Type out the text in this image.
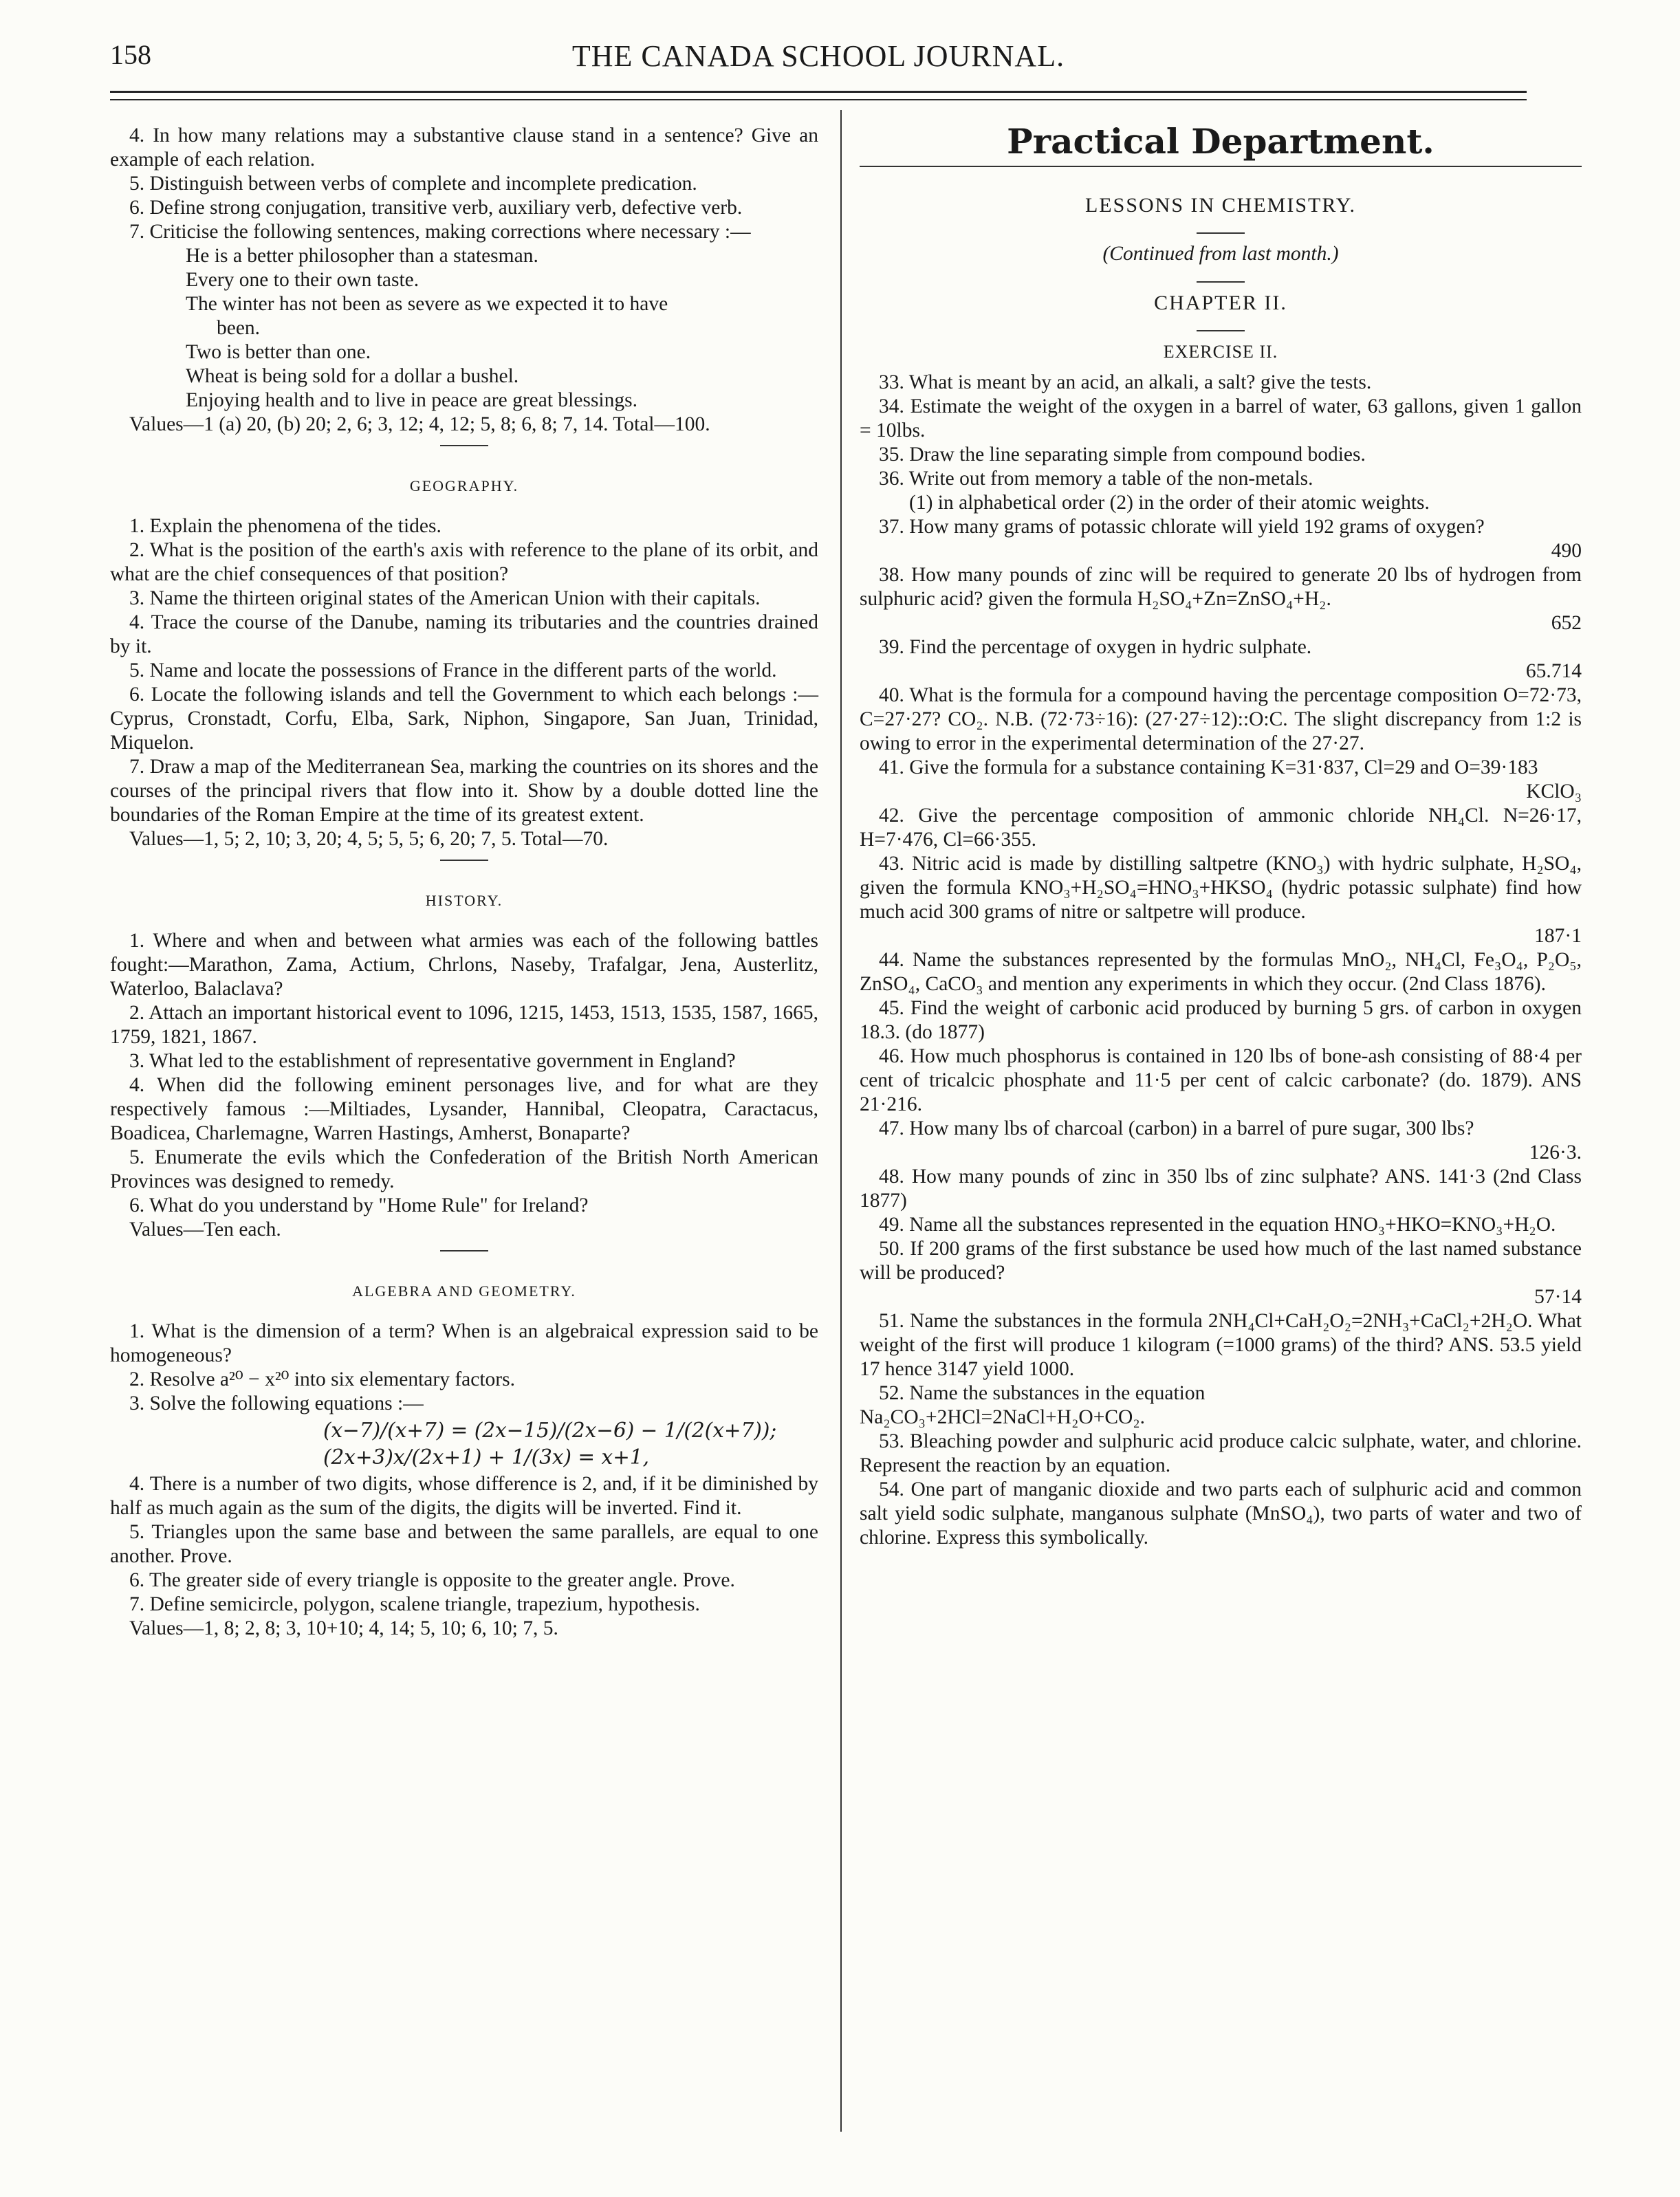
158	THE CANADA SCHOOL JOURNAL.

4. In how many relations may a substantive clause stand in a sentence? Give an example of each relation.

5. Distinguish between verbs of complete and incomplete predication.

6. Define strong conjugation, transitive verb, auxiliary verb, defective verb.

7. Criticise the following sentences, making corrections where necessary :—

He is a better philosopher than a statesman.

Every one to their own taste.

The winter has not been as severe as we expected it to have

been.

Two is better than one.

Wheat is being sold for a dollar a bushel.

Enjoying health and to live in peace are great blessings.

Values—1 (a) 20, (b) 20; 2, 6; 3, 12; 4, 12; 5, 8; 6, 8; 7, 14. Total—100.

GEOGRAPHY.

1. Explain the phenomena of the tides.

2. What is the position of the earth's axis with reference to the plane of its orbit, and what are the chief consequences of that position?

3. Name the thirteen original states of the American Union with their capitals.

4. Trace the course of the Danube, naming its tributaries and the countries drained by it.

5. Name and locate the possessions of France in the different parts of the world.

6. Locate the following islands and tell the Government to which each belongs :—Cyprus, Cronstadt, Corfu, Elba, Sark, Niphon, Singapore, San Juan, Trinidad, Miquelon.

7. Draw a map of the Mediterranean Sea, marking the countries on its shores and the courses of the principal rivers that flow into it. Show by a double dotted line the boundaries of the Roman Empire at the time of its greatest extent.

Values—1, 5; 2, 10; 3, 20; 4, 5; 5, 5; 6, 20; 7, 5. Total—70.

HISTORY.

1. Where and when and between what armies was each of the following battles fought:—Marathon, Zama, Actium, Chrlons, Naseby, Trafalgar, Jena, Austerlitz, Waterloo, Balaclava?

2. Attach an important historical event to 1096, 1215, 1453, 1513, 1535, 1587, 1665, 1759, 1821, 1867.

3. What led to the establishment of representative government in England?

4. When did the following eminent personages live, and for what are they respectively famous :—Miltiades, Lysander, Hannibal, Cleopatra, Caractacus, Boadicea, Charlemagne, Warren Hastings, Amherst, Bonaparte?

5. Enumerate the evils which the Confederation of the British North American Provinces was designed to remedy.

6. What do you understand by "Home Rule" for Ireland?

Values—Ten each.

ALGEBRA AND GEOMETRY.

1. What is the dimension of a term? When is an algebraical expression said to be homogeneous?

2. Resolve a²⁰ − x²⁰ into six elementary factors.

3. Solve the following equations :—

(x−7)/(x+7) = (2x−15)/(2x−6) − 1/(2(x+7));

(2x+3)x/(2x+1) + 1/(3x) = x+1,

4. There is a number of two digits, whose difference is 2, and, if it be diminished by half as much again as the sum of the digits, the digits will be inverted. Find it.

5. Triangles upon the same base and between the same parallels, are equal to one another. Prove.

6. The greater side of every triangle is opposite to the greater angle. Prove.

7. Define semicircle, polygon, scalene triangle, trapezium, hypothesis.

Values—1, 8; 2, 8; 3, 10+10; 4, 14; 5, 10; 6, 10; 7, 5.

Practical Department.
LESSONS IN CHEMISTRY.
(Continued from last month.)
CHAPTER II.
EXERCISE II.

33. What is meant by an acid, an alkali, a salt? give the tests.

34. Estimate the weight of the oxygen in a barrel of water, 63 gallons, given 1 gallon = 10lbs.

35. Draw the line separating simple from compound bodies.

36. Write out from memory a table of the non-metals.

(1) in alphabetical order (2) in the order of their atomic weights.

37. How many grams of potassic chlorate will yield 192 grams of oxygen?

490

38. How many pounds of zinc will be required to generate 20 lbs of hydrogen from sulphuric acid? given the formula H₂SO₄+Zn=ZnSO₄+H₂.

652

39. Find the percentage of oxygen in hydric sulphate.

65.714

40. What is the formula for a compound having the percentage composition O=72·73, C=27·27? CO₂. N.B. (72·73÷16): (27·27÷12)::O:C. The slight discrepancy from 1:2 is owing to error in the experimental determination of the 27·27.

41. Give the formula for a substance containing K=31·837, Cl=29 and O=39·183

KClO₃

42. Give the percentage composition of ammonic chloride NH₄Cl. N=26·17, H=7·476, Cl=66·355.

43. Nitric acid is made by distilling saltpetre (KNO₃) with hydric sulphate, H₂SO₄, given the formula KNO₃+H₂SO₄=HNO₃+HKSO₄ (hydric potassic sulphate) find how much acid 300 grams of nitre or saltpetre will produce.

187·1

44. Name the substances represented by the formulas MnO₂, NH₄Cl, Fe₃O₄, P₂O₅, ZnSO₄, CaCO₃ and mention any experiments in which they occur. (2nd Class 1876).

45. Find the weight of carbonic acid produced by burning 5 grs. of carbon in oxygen 18.3. (do 1877)

46. How much phosphorus is contained in 120 lbs of bone-ash consisting of 88·4 per cent of tricalcic phosphate and 11·5 per cent of calcic carbonate? (do. 1879). ANS 21·216.

47. How many lbs of charcoal (carbon) in a barrel of pure sugar, 300 lbs?

126·3.

48. How many pounds of zinc in 350 lbs of zinc sulphate? ANS. 141·3 (2nd Class 1877)

49. Name all the substances represented in the equation HNO₃+HKO=KNO₃+H₂O.

50. If 200 grams of the first substance be used how much of the last named substance will be produced?

57·14

51. Name the substances in the formula 2NH₄Cl+CaH₂O₂=2NH₃+CaCl₂+2H₂O. What weight of the first will produce 1 kilogram (=1000 grams) of the third? ANS. 53.5 yield 17 hence 3147 yield 1000.

52. Name the substances in the equation

Na₂CO₃+2HCl=2NaCl+H₂O+CO₂.

53. Bleaching powder and sulphuric acid produce calcic sulphate, water, and chlorine. Represent the reaction by an equation.

54. One part of manganic dioxide and two parts each of sulphuric acid and common salt yield sodic sulphate, manganous sulphate (MnSO₄), two parts of water and two of chlorine. Express this symbolically.
